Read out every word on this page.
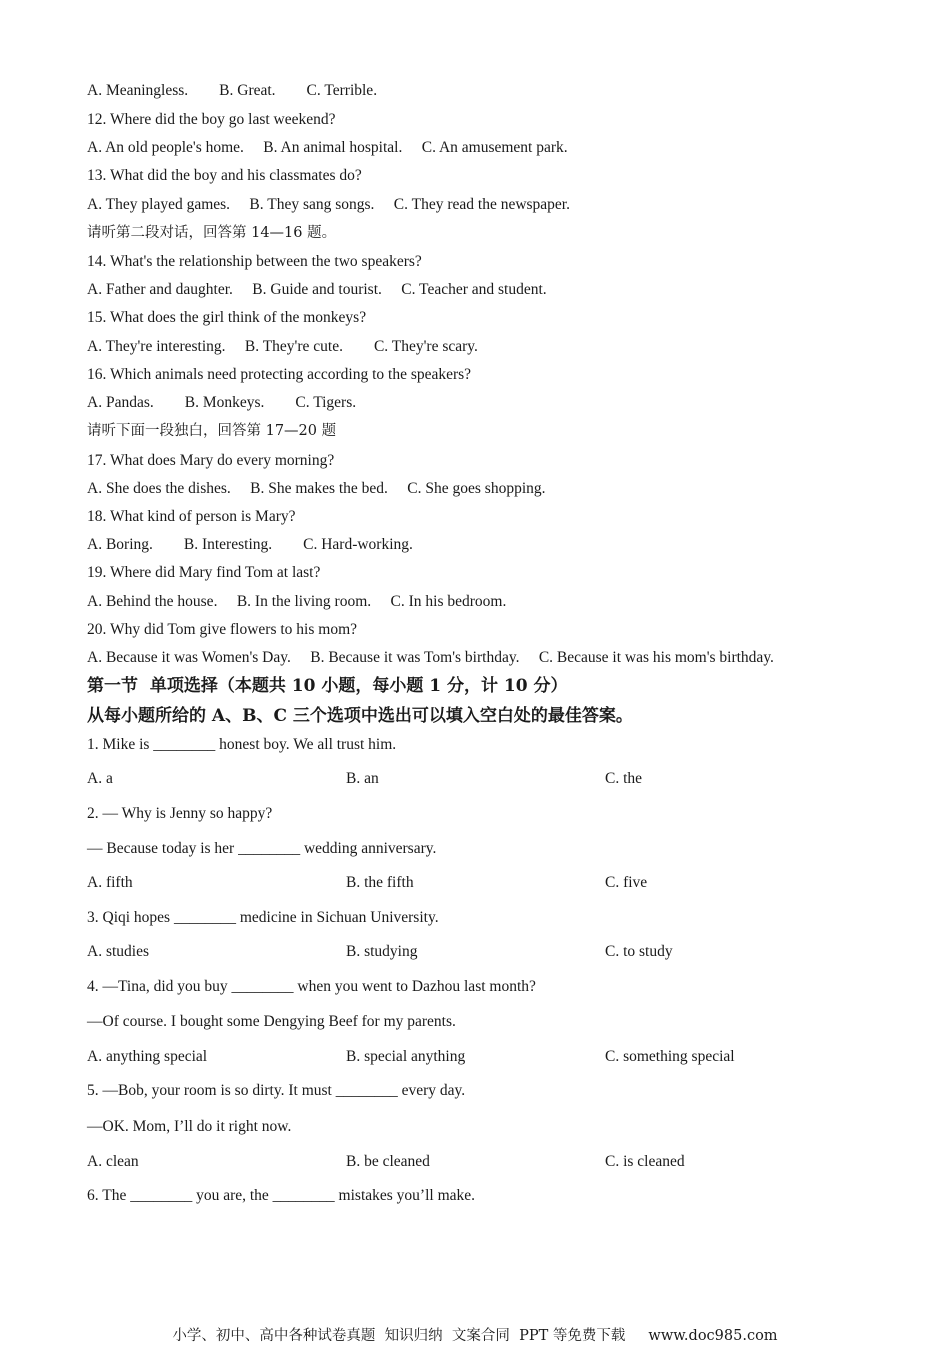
A. Meaningless.        B. Great.        C. Terrible.

12. Where did the boy go last weekend?

A. An old people's home.     B. An animal hospital.     C. An amusement park.

13. What did the boy and his classmates do?

A. They played games.     B. They sang songs.     C. They read the newspaper.

请听第二段对话，回答第 14—16 题。

14. What's the relationship between the two speakers?

A. Father and daughter.     B. Guide and tourist.     C. Teacher and student.

15. What does the girl think of the monkeys?

A. They're interesting.     B. They're cute.        C. They're scary.

16. Which animals need protecting according to the speakers?

A. Pandas.        B. Monkeys.        C. Tigers.

请听下面一段独白，回答第 17—20 题

17. What does Mary do every morning?

A. She does the dishes.     B. She makes the bed.     C. She goes shopping.

18. What kind of person is Mary?

A. Boring.        B. Interesting.        C. Hard-working.

19. Where did Mary find Tom at last?

A. Behind the house.     B. In the living room.     C. In his bedroom.

20. Why did Tom give flowers to his mom?

A. Because it was Women's Day.     B. Because it was Tom's birthday.     C. Because it was his mom's birthday.

第一节  单项选择（本题共 10 小题，每小题 1 分，计 10 分）

从每小题所给的 A、B、C 三个选项中选出可以填入空白处的最佳答案。

1. Mike is ________ honest boy. We all trust him.

A. a	B. an	C. the

2. — Why is Jenny so happy?

— Because today is her ________ wedding anniversary.

A. fifth	B. the fifth	C. five

3. Qiqi hopes ________ medicine in Sichuan University.

A. studies	B. studying	C. to study

4. —Tina, did you buy ________ when you went to Dazhou last month?

—Of course. I bought some Dengying Beef for my parents.

A. anything special	B. special anything	C. something special

5. —Bob, your room is so dirty. It must ________ every day.

—OK. Mom, I’ll do it right now.

A. clean	B. be cleaned	C. is cleaned

6. The ________ you are, the ________ mistakes you’ll make.

小学、初中、高中各种试卷真题  知识归纳  文案合同  PPT 等免费下载     www.doc985.com
